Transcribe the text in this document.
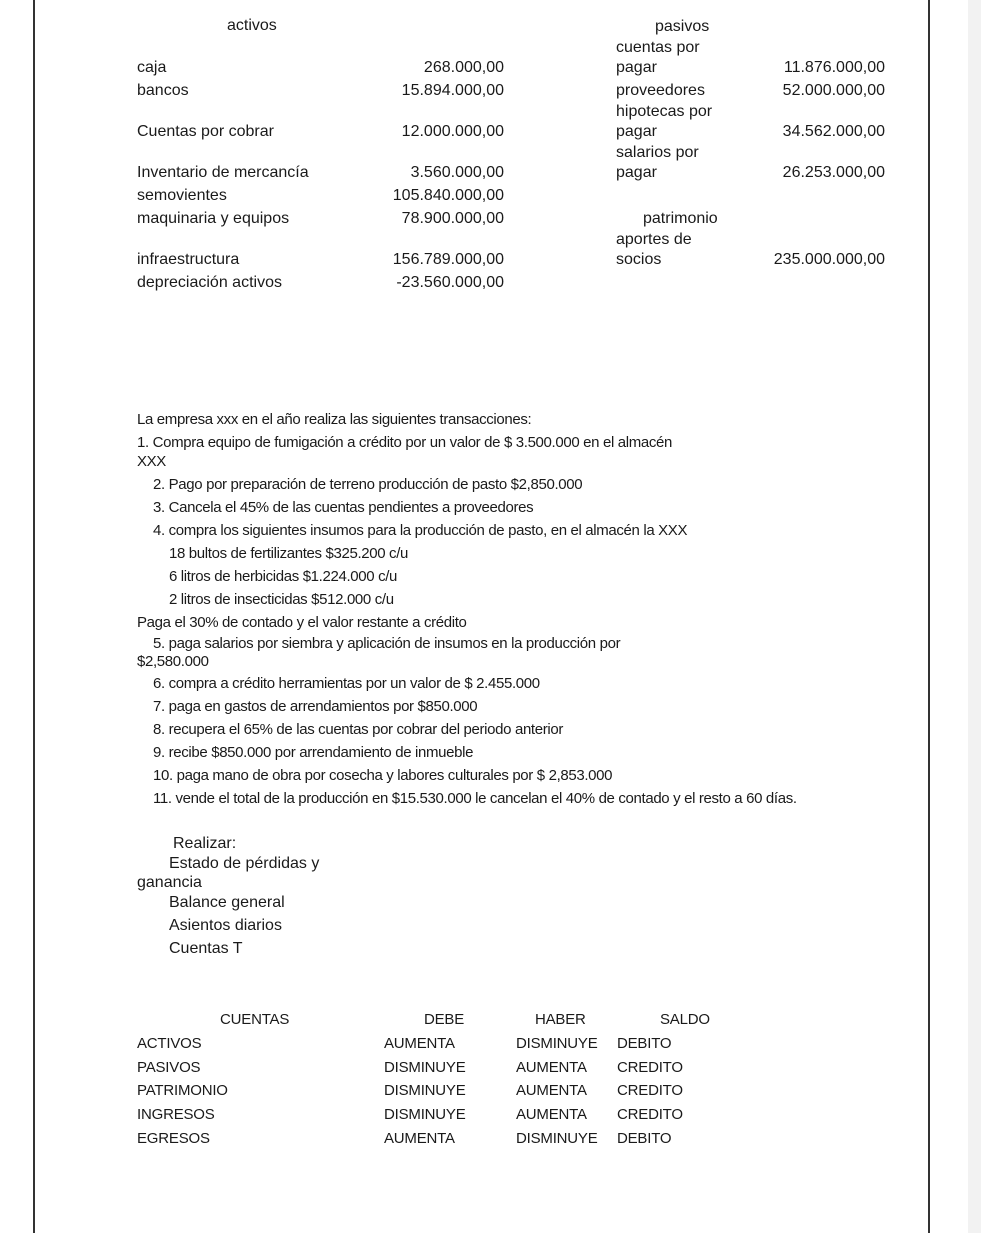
activos
caja	268.000,00
bancos	15.894.000,00
Cuentas por cobrar	12.000.000,00
Inventario de mercancía	3.560.000,00
semovientes	105.840.000,00
maquinaria y equipos	78.900.000,00
infraestructura	156.789.000,00
depreciación activos	-23.560.000,00
pasivos
cuentas por
pagar	11.876.000,00
proveedores	52.000.000,00
hipotecas por
pagar	34.562.000,00
salarios por
pagar	26.253.000,00
patrimonio
aportes de
socios	235.000.000,00
La empresa xxx en el año realiza las siguientes transacciones:
1. Compra equipo de fumigación a crédito por un valor de $ 3.500.000 en el almacén
XXX
2. Pago por preparación de terreno producción de pasto $2,850.000
3. Cancela el 45% de las cuentas pendientes a proveedores
4. compra los siguientes insumos para la producción de pasto, en el almacén la XXX
18 bultos de fertilizantes $325.200 c/u
6 litros de herbicidas $1.224.000 c/u
2 litros de insecticidas $512.000 c/u
Paga el 30% de contado y el valor restante a crédito
5. paga salarios por siembra y aplicación de insumos en la producción por
$2,580.000
6. compra a crédito herramientas por un valor de $ 2.455.000
7. paga en gastos de arrendamientos por $850.000
8. recupera el 65% de las cuentas por cobrar del periodo anterior
9. recibe $850.000 por arrendamiento de inmueble
10. paga mano de obra por cosecha y labores culturales por $ 2,853.000
11. vende el total de la producción en $15.530.000 le cancelan el 40% de contado y el resto a 60 días.
Realizar:
Estado de pérdidas y
ganancia
Balance general
Asientos diarios
Cuentas T
CUENTAS	DEBE	HABER	SALDO
ACTIVOS	AUMENTA	DISMINUYE DEBITO
PASIVOS	DISMINUYE	AUMENTA CREDITO
PATRIMONIO	DISMINUYE	AUMENTA CREDITO
INGRESOS	DISMINUYE	AUMENTA CREDITO
EGRESOS	AUMENTA	DISMINUYE DEBITO
